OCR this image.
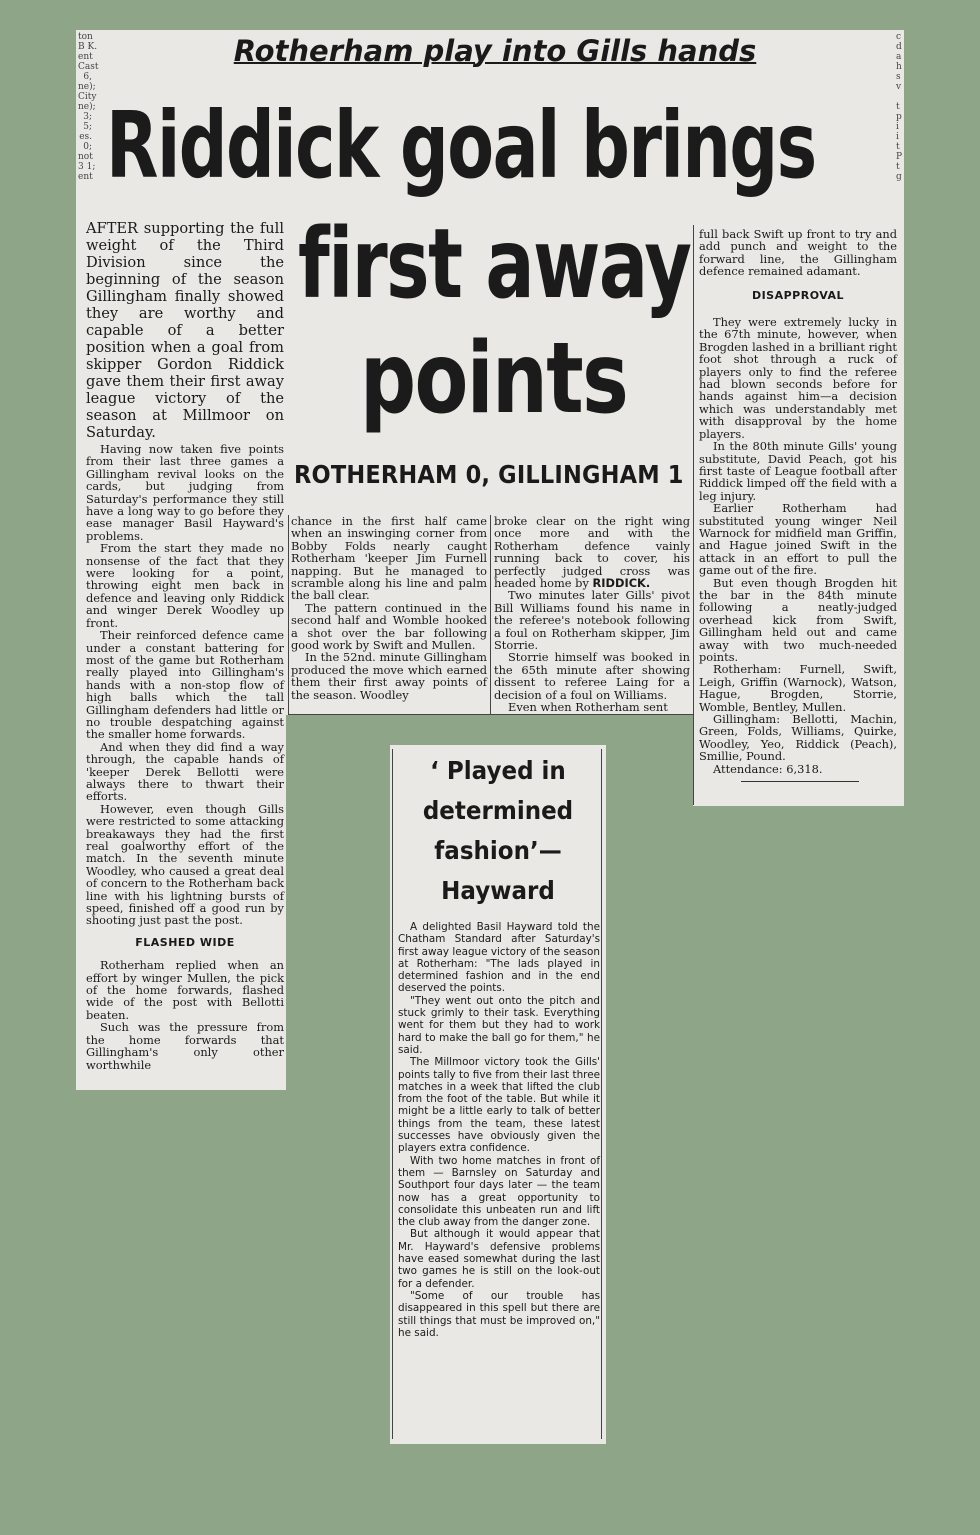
ton
B
ent
Cast
6,
ne);
City
ne);
3;
5;
es.
0;
not
3 1;
ent
c
d
a
h
s
v

t
p
i
i
t
P
t
g
Rotherham play into Gills hands
Riddick goal brings
first away
points
ROTHERHAM 0, GILLINGHAM 1
AFTER supporting the full weight of the Third Division since the beginning of the season Gillingham finally showed they are worthy and capable of a better position when a goal from skipper Gordon Riddick gave them their first away league victory of the season at Millmoor on Saturday.

Having now taken five points from their last three games a Gillingham revival looks on the cards, but judging from Saturday's performance they still have a long way to go before they ease manager Basil Hayward's problems.

From the start they made no nonsense of the fact that they were looking for a point, throwing eight men back in defence and leaving only Riddick and winger Derek Woodley up front.

Their reinforced defence came under a constant battering for most of the game but Rotherham really played into Gillingham's hands with a non-stop flow of high balls which the tall Gillingham defenders had little or no trouble despatching against the smaller home forwards.

And when they did find a way through, the capable hands of 'keeper Derek Bellotti were always there to thwart their efforts.

However, even though Gills were restricted to some attacking breakaways they had the first real goalworthy effort of the match. In the seventh minute Woodley, who caused a great deal of concern to the Rotherham back line with his lightning bursts of speed, finished off a good run by shooting just past the post.

FLASHED WIDE

Rotherham replied when an effort by winger Mullen, the pick of the home forwards, flashed wide of the post with Bellotti beaten.

Such was the pressure from the home forwards that Gillingham's only other worthwhile

chance in the first half came when an inswinging corner from Bobby Folds nearly caught Rotherham 'keeper Jim Furnell napping. But he managed to scramble along his line and palm the ball clear.

The pattern continued in the second half and Womble hooked a shot over the bar following good work by Swift and Mullen.

In the 52nd. minute Gillingham produced the move which earned them their first away points of the season. Woodley

broke clear on the right wing once more and with the Rotherham defence vainly running back to cover, his perfectly judged cross was headed home by RIDDICK.

Two minutes later Gills' pivot Bill Williams found his name in the referee's notebook following a foul on Rotherham skipper, Jim Storrie.

Storrie himself was booked in the 65th minute after showing dissent to referee Laing for a decision of a foul on Williams.

Even when Rotherham sent

full back Swift up front to try and add punch and weight to the forward line, the Gillingham defence remained adamant.

DISAPPROVAL

They were extremely lucky in the 67th minute, however, when Brogden lashed in a brilliant right foot shot through a ruck of players only to find the referee had blown seconds before for hands against him—a decision which was understandably met with disapproval by the home players.

In the 80th minute Gills' young substitute, David Peach, got his first taste of League football after Riddick limped off the field with a leg injury.

Earlier Rotherham had substituted young winger Neil Warnock for midfield man Griffin, and Hague joined Swift in the attack in an effort to pull the game out of the fire.

But even though Brogden hit the bar in the 84th minute following a neatly-judged overhead kick from Swift, Gillingham held out and came away with two much-needed points.

Rotherham: Furnell, Swift, Leigh, Griffin (Warnock), Watson, Hague, Brogden, Storrie, Womble, Bentley, Mullen.

Gillingham: Bellotti, Machin, Green, Folds, Williams, Quirke, Woodley, Yeo, Riddick (Peach), Smillie, Pound.

Attendance: 6,318.

‘ Played in
determined
fashion’—
Hayward

A delighted Basil Hayward told the Chatham Standard after Saturday's first away league victory of the season at Rotherham: "The lads played in determined fashion and in the end deserved the points.

"They went out onto the pitch and stuck grimly to their task. Everything went for them but they had to work hard to make the ball go for them," he said.

The Millmoor victory took the Gills' points tally to five from their last three matches in a week that lifted the club from the foot of the table. But while it might be a little early to talk of better things from the team, these latest successes have obviously given the players extra confidence.

With two home matches in front of them — Barnsley on Saturday and Southport four days later — the team now has a great opportunity to consolidate this unbeaten run and lift the club away from the danger zone.

But although it would appear that Mr. Hayward's defensive problems have eased somewhat during the last two games he is still on the look-out for a defender.

"Some of our trouble has disappeared in this spell but there are still things that must be improved on," he said.
